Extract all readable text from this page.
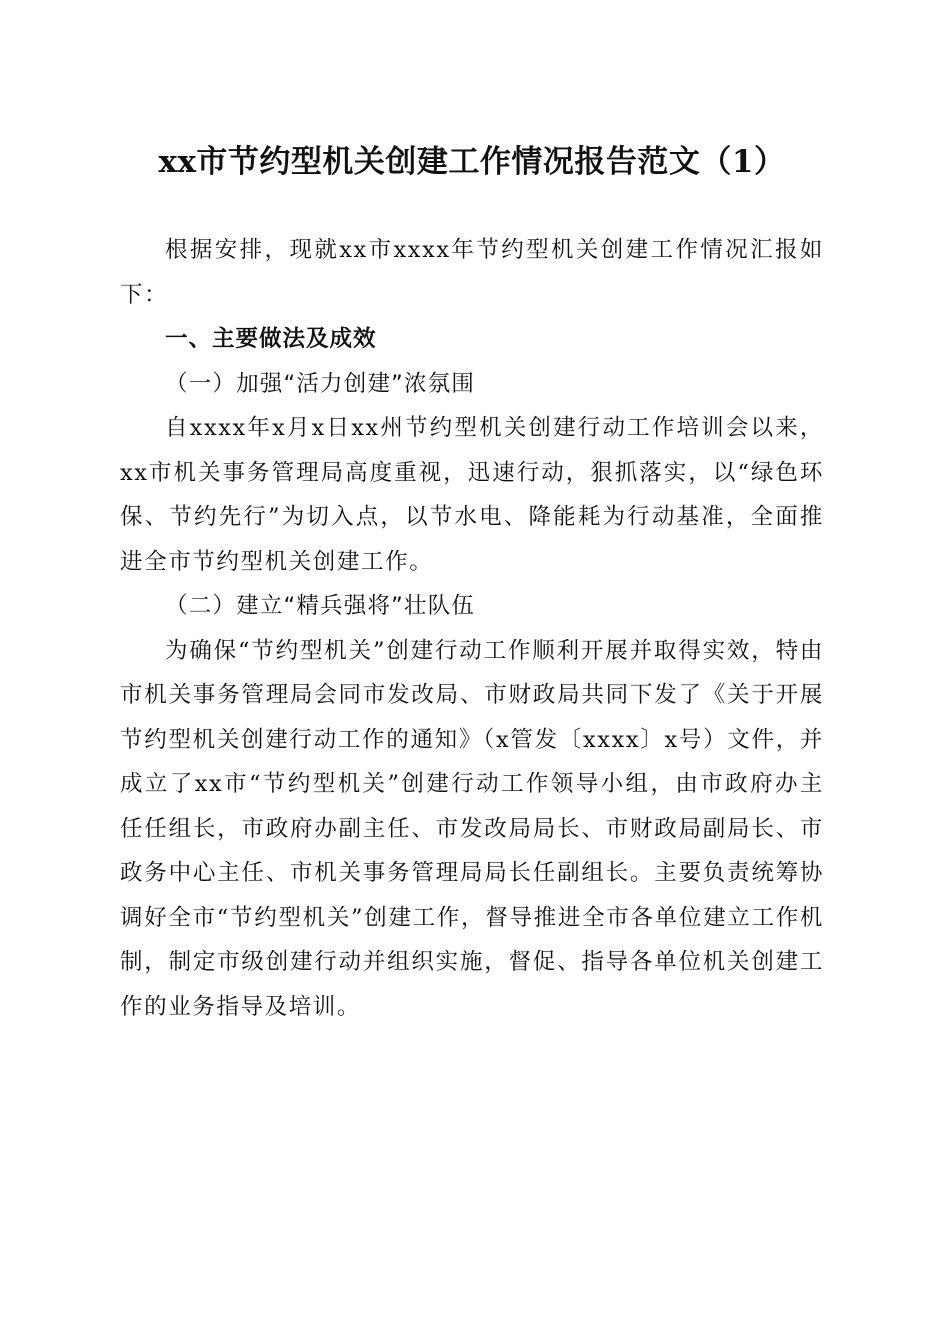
xx市节约型机关创建工作情况报告范文（1）

根据安排，现就xx市xxxx年节约型机关创建工作情况汇报如下：

一、主要做法及成效

（一）加强“活力创建”浓氛围

自xxxx年x月x日xx州节约型机关创建行动工作培训会以来，xx市机关事务管理局高度重视，迅速行动，狠抓落实，以“绿色环保、节约先行”为切入点，以节水电、降能耗为行动基准，全面推进全市节约型机关创建工作。

（二）建立“精兵强将”壮队伍

为确保“节约型机关”创建行动工作顺利开展并取得实效，特由市机关事务管理局会同市发改局、市财政局共同下发了《关于开展节约型机关创建行动工作的通知》（x管发〔xxxx〕x号）文件，并成立了xx市“节约型机关”创建行动工作领导小组，由市政府办主任任组长，市政府办副主任、市发改局局长、市财政局副局长、市政务中心主任、市机关事务管理局局长任副组长。主要负责统筹协调好全市“节约型机关”创建工作，督导推进全市各单位建立工作机制，制定市级创建行动并组织实施，督促、指导各单位机关创建工作的业务指导及培训。
